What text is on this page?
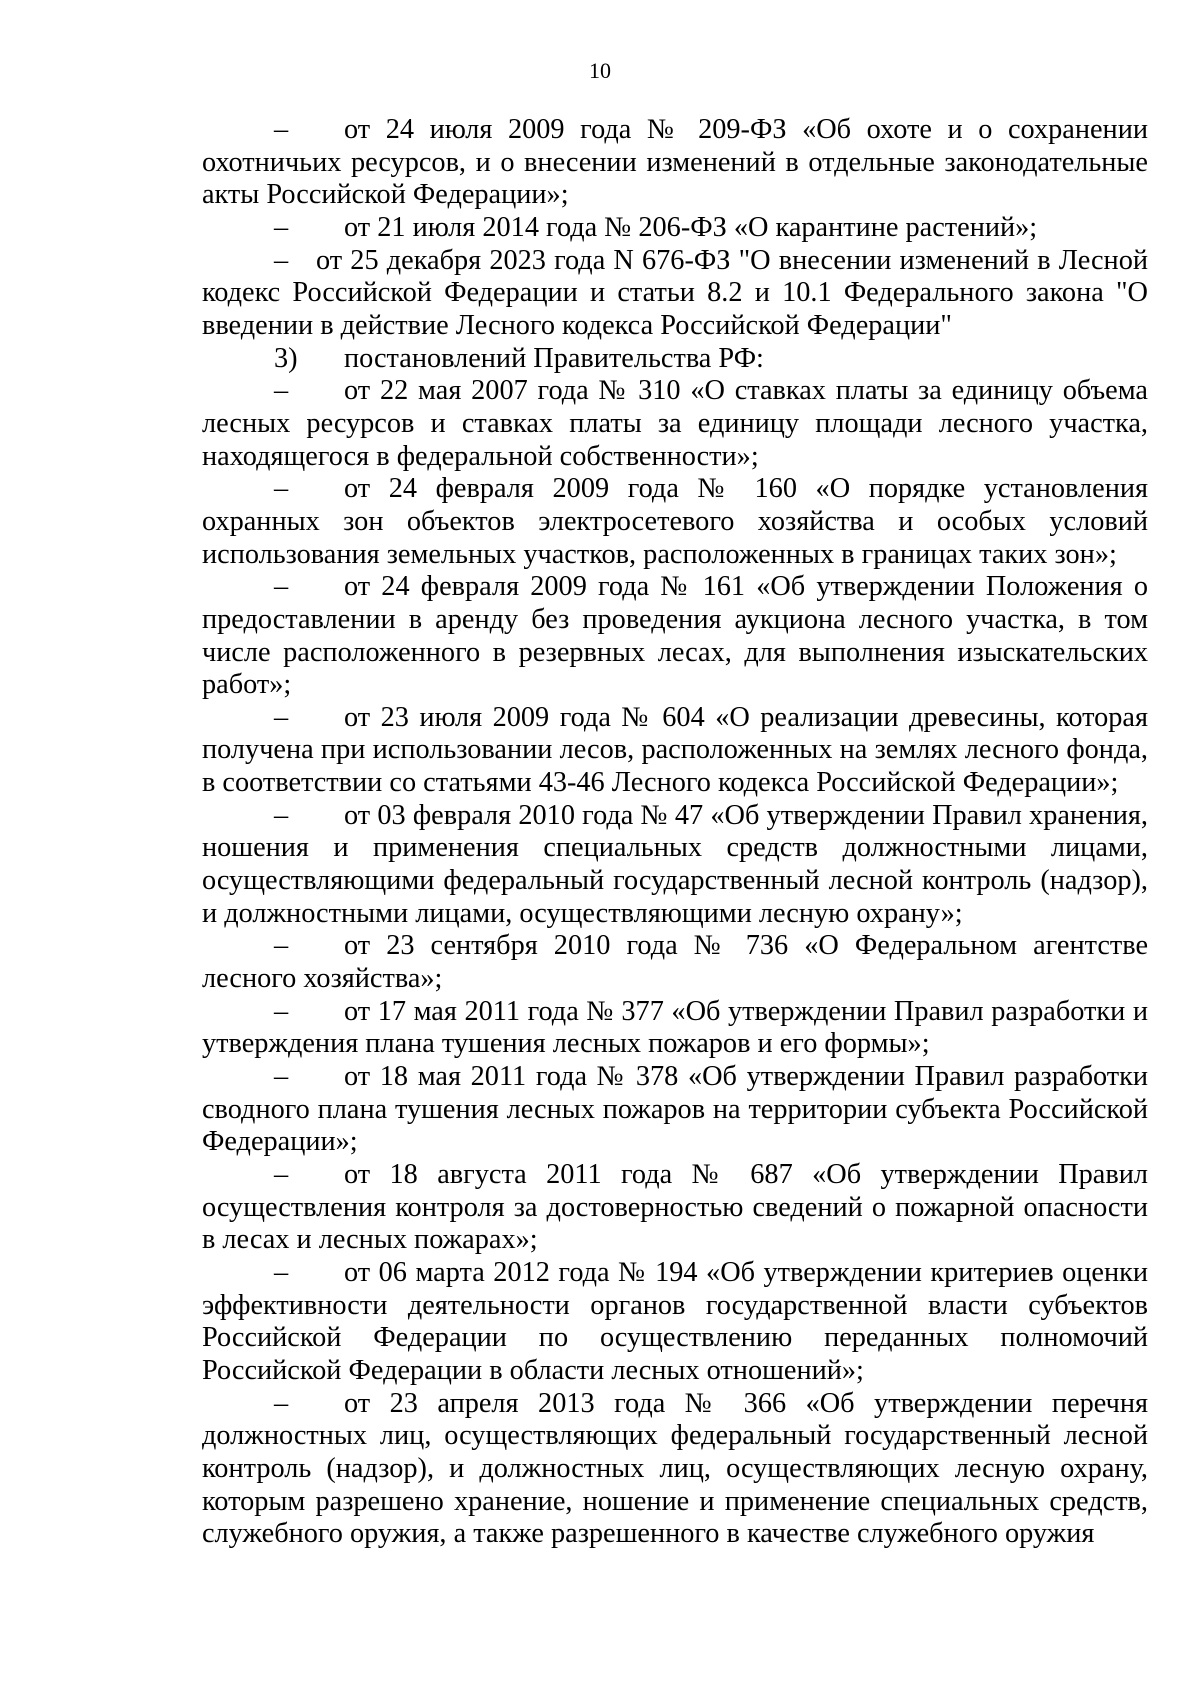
10

– от 24 июля 2009 года № 209-ФЗ «Об охоте и о сохранении охотничьих ресурсов, и о внесении изменений в отдельные законодательные акты Российской Федерации»;

– от 21 июля 2014 года № 206-ФЗ «О карантине растений»;

– от 25 декабря 2023 года N 676-ФЗ "О внесении изменений в Лесной кодекс Российской Федерации и статьи 8.2 и 10.1 Федерального закона "О введении в действие Лесного кодекса Российской Федерации"

3) постановлений Правительства РФ:

– от 22 мая 2007 года № 310 «О ставках платы за единицу объема лесных ресурсов и ставках платы за единицу площади лесного участка, находящегося в федеральной собственности»;

– от 24 февраля 2009 года № 160 «О порядке установления охранных зон объектов электросетевого хозяйства и особых условий использования земельных участков, расположенных в границах таких зон»;

– от 24 февраля 2009 года № 161 «Об утверждении Положения о предоставлении в аренду без проведения аукциона лесного участка, в том числе расположенного в резервных лесах, для выполнения изыскательских работ»;

– от 23 июля 2009 года № 604 «О реализации древесины, которая получена при использовании лесов, расположенных на землях лесного фонда, в соответствии со статьями 43-46 Лесного кодекса Российской Федерации»;

– от 03 февраля 2010 года № 47 «Об утверждении Правил хранения, ношения и применения специальных средств должностными лицами, осуществляющими федеральный государственный лесной контроль (надзор), и должностными лицами, осуществляющими лесную охрану»;

– от 23 сентября 2010 года № 736 «О Федеральном агентстве лесного хозяйства»;

– от 17 мая 2011 года № 377 «Об утверждении Правил разработки и утверждения плана тушения лесных пожаров и его формы»;

– от 18 мая 2011 года № 378 «Об утверждении Правил разработки сводного плана тушения лесных пожаров на территории субъекта Российской Федерации»;

– от 18 августа 2011 года № 687 «Об утверждении Правил осуществления контроля за достоверностью сведений о пожарной опасности в лесах и лесных пожарах»;

– от 06 марта 2012 года № 194 «Об утверждении критериев оценки эффективности деятельности органов государственной власти субъектов Российской Федерации по осуществлению переданных полномочий Российской Федерации в области лесных отношений»;

– от 23 апреля 2013 года № 366 «Об утверждении перечня должностных лиц, осуществляющих федеральный государственный лесной контроль (надзор), и должностных лиц, осуществляющих лесную охрану, которым разрешено хранение, ношение и применение специальных средств, служебного оружия, а также разрешенного в качестве служебного оружия
